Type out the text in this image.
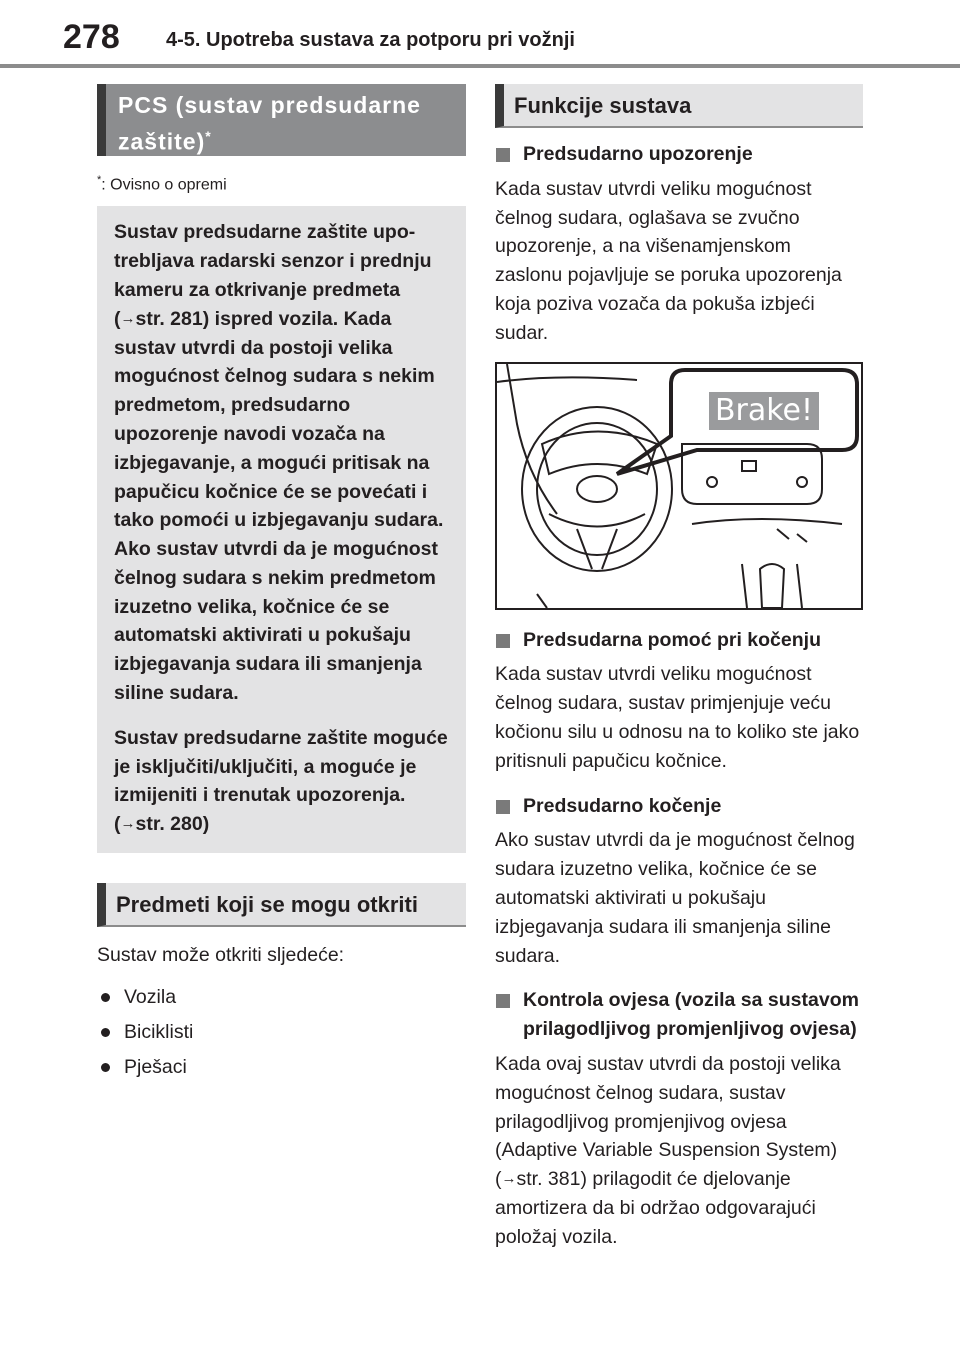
278 4-5. Upotreba sustava za potporu pri vožnji
PCS (sustav predsudarne zaštite)*
*: Ovisno o opremi

Sustav predsudarne zaštite upotrebljava radarski senzor i prednju kameru za otkrivanje predmeta (→str. 281) ispred vozila. Kada sustav utvrdi da postoji velika mogućnost čelnog sudara s nekim predmetom, predsudarno upozorenje navodi vozača na izbjegavanje, a mogući pritisak na papučicu kočnice će se povećati i tako pomoći u izbjegavanju sudara. Ako sustav utvrdi da je mogućnost čelnog sudara s nekim predmetom izuzetno velika, kočnice će se automatski aktivirati u pokušaju izbjegavanja sudara ili smanjenja siline sudara.

Sustav predsudarne zaštite moguće je isključiti/uključiti, a moguće je izmijeniti i trenutak upozorenja. (→str. 280)

Predmeti koji se mogu otkriti

Sustav može otkriti sljedeće:

Vozila
Biciklisti
Pješaci
Funkcije sustava
Predsudarno upozorenje

Kada sustav utvrdi veliku mogućnost čelnog sudara, oglašava se zvučno upozorenje, a na višenamjenskom zaslonu pojavljuje se poruka upozorenja koja poziva vozača da pokuša izbjeći sudar.

Brake!
Predsudarna pomoć pri kočenju

Kada sustav utvrdi veliku mogućnost čelnog sudara, sustav primjenjuje veću kočionu silu u odnosu na to koliko ste jako pritisnuli papučicu kočnice.

Predsudarno kočenje

Ako sustav utvrdi da je mogućnost čelnog sudara izuzetno velika, kočnice će se automatski aktivirati u pokušaju izbjegavanja sudara ili smanjenja siline sudara.

Kontrola ovjesa (vozila sa sustavom prilagodljivog promjenljivog ovjesa)

Kada ovaj sustav utvrdi da postoji velika mogućnost čelnog sudara, sustav prilagodljivog promjenjivog ovjesa (Adaptive Variable Suspension System) (→str. 381) prilagodit će djelovanje amortizera da bi održao odgovarajući položaj vozila.
